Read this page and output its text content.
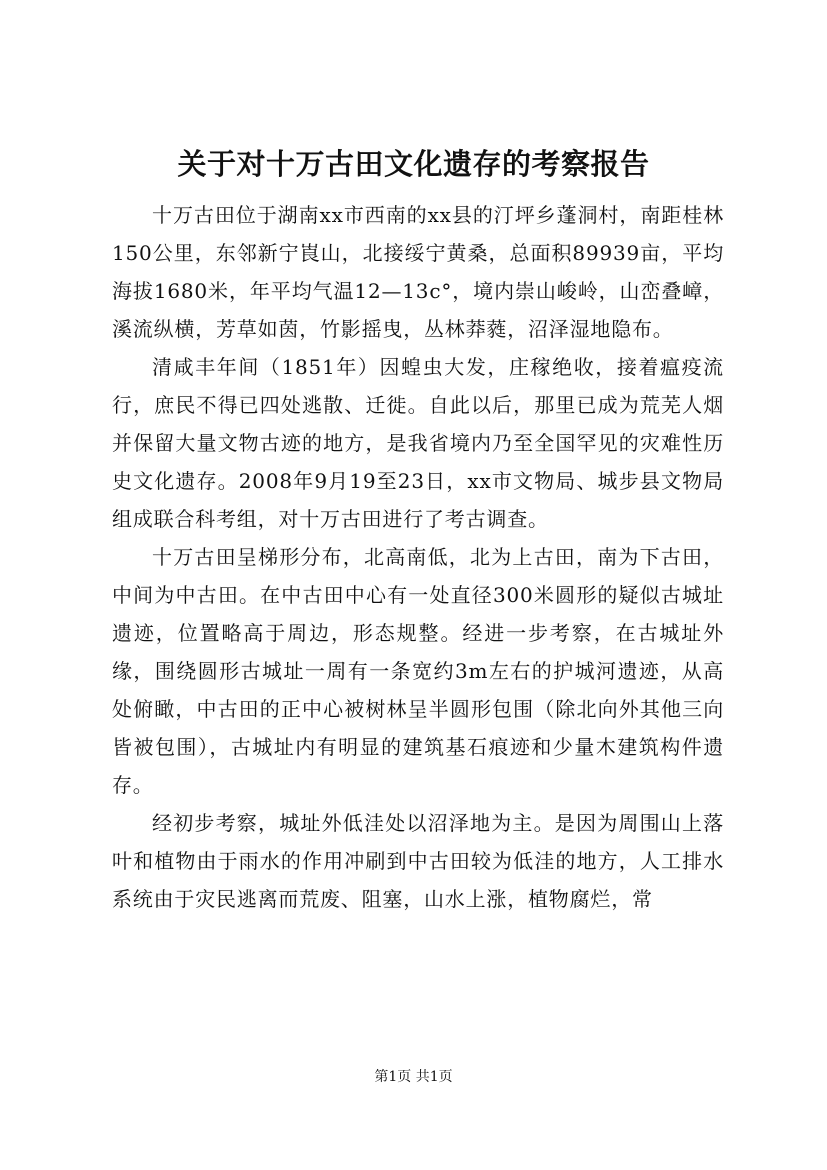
关于对十万古田文化遗存的考察报告

十万古田位于湖南xx市西南的xx县的汀坪乡蓬洞村，南距桂林150公里，东邻新宁崀山，北接绥宁黄桑，总面积89939亩，平均海拔1680米，年平均气温12—13c°，境内崇山峻岭，山峦叠嶂，溪流纵横，芳草如茵，竹影摇曳，丛林莽蕤，沼泽湿地隐布。

清咸丰年间（1851年）因蝗虫大发，庄稼绝收，接着瘟疫流行，庶民不得已四处逃散、迁徙。自此以后，那里已成为荒芜人烟并保留大量文物古迹的地方，是我省境内乃至全国罕见的灾难性历史文化遗存。2008年9月19至23日，xx市文物局、城步县文物局组成联合科考组，对十万古田进行了考古调查。

十万古田呈梯形分布，北高南低，北为上古田，南为下古田，中间为中古田。在中古田中心有一处直径300米圆形的疑似古城址遗迹，位置略高于周边，形态规整。经进一步考察，在古城址外缘，围绕圆形古城址一周有一条宽约3m左右的护城河遗迹，从高处俯瞰，中古田的正中心被树林呈半圆形包围（除北向外其他三向皆被包围），古城址内有明显的建筑基石痕迹和少量木建筑构件遗存。

经初步考察，城址外低洼处以沼泽地为主。是因为周围山上落叶和植物由于雨水的作用冲刷到中古田较为低洼的地方，人工排水系统由于灾民逃离而荒废、阻塞，山水上涨，植物腐烂，常

第1页 共1页
